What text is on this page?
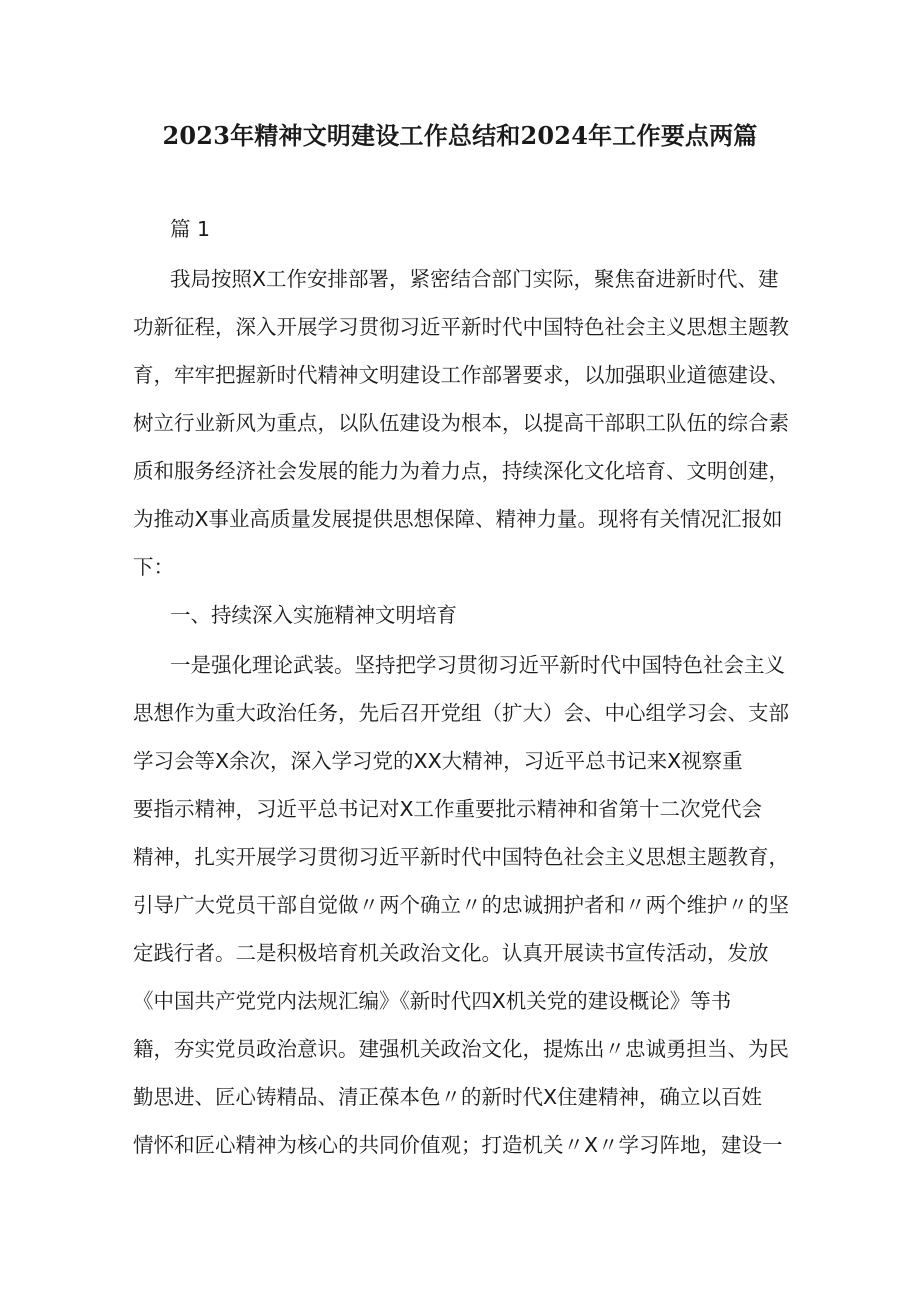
2023年精神文明建设工作总结和2024年工作要点两篇
篇 1
我局按照X工作安排部署，紧密结合部门实际，聚焦奋进新时代、建
功新征程，深入开展学习贯彻习近平新时代中国特色社会主义思想主题教
育，牢牢把握新时代精神文明建设工作部署要求，以加强职业道德建设、
树立行业新风为重点，以队伍建设为根本，以提高干部职工队伍的综合素
质和服务经济社会发展的能力为着力点，持续深化文化培育、文明创建，
为推动X事业高质量发展提供思想保障、精神力量。现将有关情况汇报如
下：
一、持续深入实施精神文明培育
一是强化理论武装。坚持把学习贯彻习近平新时代中国特色社会主义
思想作为重大政治任务，先后召开党组（扩大）会、中心组学习会、支部
学习会等X余次，深入学习党的XX大精神，习近平总书记来X视察重
要指示精神，习近平总书记对X工作重要批示精神和省第十二次党代会
精神，扎实开展学习贯彻习近平新时代中国特色社会主义思想主题教育，
引导广大党员干部自觉做〃两个确立〃的忠诚拥护者和〃两个维护〃的坚
定践行者。二是积极培育机关政治文化。认真开展读书宣传活动，发放
《中国共产党党内法规汇编》《新时代四X机关党的建设概论》等书
籍，夯实党员政治意识。建强机关政治文化，提炼出〃忠诚勇担当、为民
勤思进、匠心铸精品、清正葆本色〃的新时代X住建精神，确立以百姓
情怀和匠心精神为核心的共同价值观；打造机关〃X〃学习阵地，建设一
